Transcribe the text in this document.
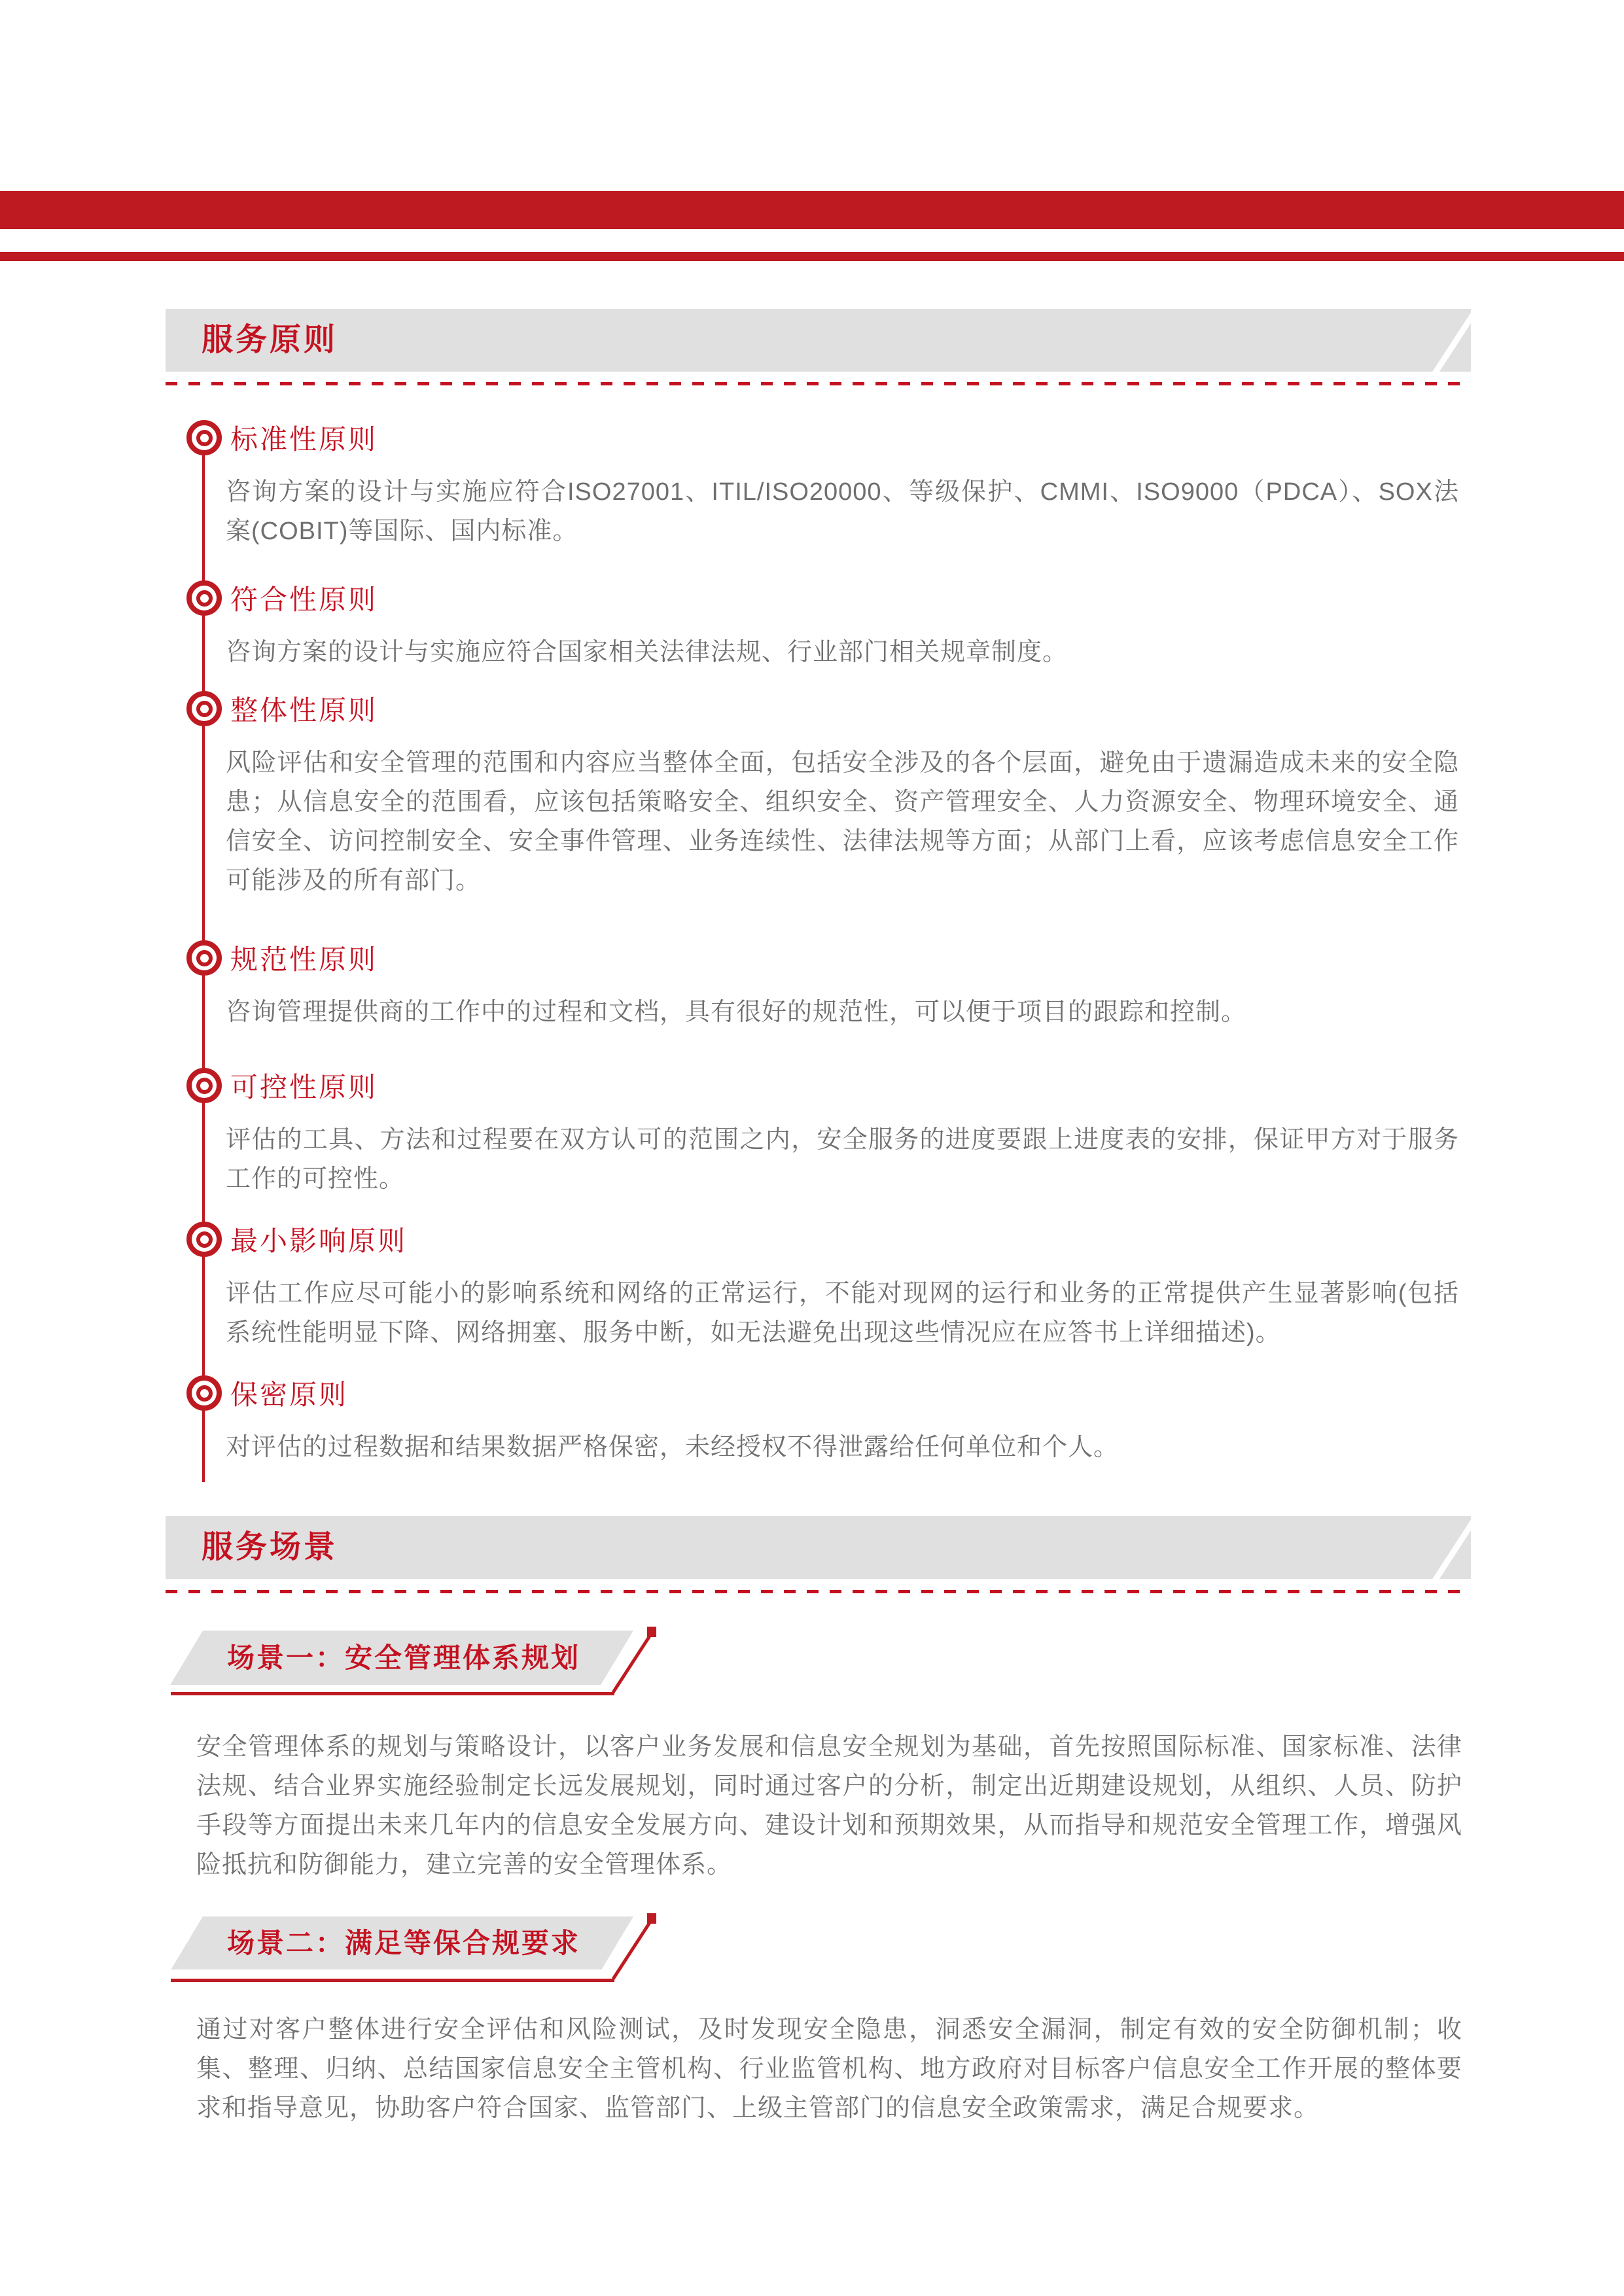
服务原则
标准性原则
咨询方案的设计与实施应符合ISO27001、ITIL/ISO20000、等级保护、CMMI、ISO9000（PDCA）、SOX法案(COBIT)等国际、国内标准。
符合性原则
咨询方案的设计与实施应符合国家相关法律法规、行业部门相关规章制度。
整体性原则
风险评估和安全管理的范围和内容应当整体全面，包括安全涉及的各个层面，避免由于遗漏造成未来的安全隐患；从信息安全的范围看，应该包括策略安全、组织安全、资产管理安全、人力资源安全、物理环境安全、通信安全、访问控制安全、安全事件管理、业务连续性、法律法规等方面；从部门上看，应该考虑信息安全工作可能涉及的所有部门。
规范性原则
咨询管理提供商的工作中的过程和文档，具有很好的规范性，可以便于项目的跟踪和控制。
可控性原则
评估的工具、方法和过程要在双方认可的范围之内，安全服务的进度要跟上进度表的安排，保证甲方对于服务工作的可控性。
最小影响原则
评估工作应尽可能小的影响系统和网络的正常运行，不能对现网的运行和业务的正常提供产生显著影响(包括系统性能明显下降、网络拥塞、服务中断，如无法避免出现这些情况应在应答书上详细描述)。
保密原则
对评估的过程数据和结果数据严格保密，未经授权不得泄露给任何单位和个人。
服务场景
场景一：安全管理体系规划
安全管理体系的规划与策略设计，以客户业务发展和信息安全规划为基础，首先按照国际标准、国家标准、法律法规、结合业界实施经验制定长远发展规划，同时通过客户的分析，制定出近期建设规划，从组织、人员、防护手段等方面提出未来几年内的信息安全发展方向、建设计划和预期效果，从而指导和规范安全管理工作，增强风险抵抗和防御能力，建立完善的安全管理体系。
场景二：满足等保合规要求
通过对客户整体进行安全评估和风险测试，及时发现安全隐患，洞悉安全漏洞，制定有效的安全防御机制；收集、整理、归纳、总结国家信息安全主管机构、行业监管机构、地方政府对目标客户信息安全工作开展的整体要求和指导意见，协助客户符合国家、监管部门、上级主管部门的信息安全政策需求，满足合规要求。
